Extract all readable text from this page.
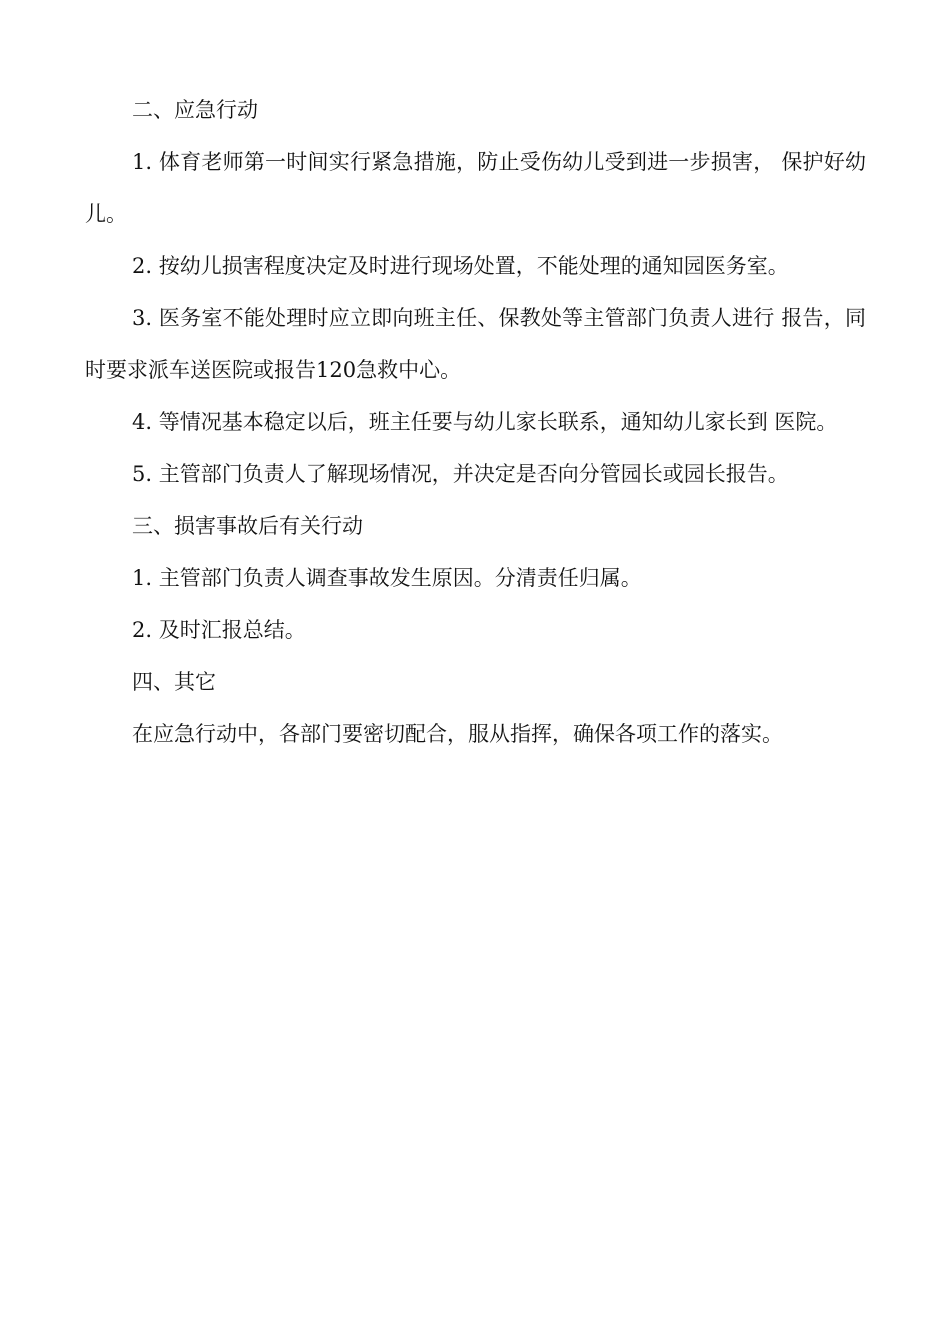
二、应急行动

1. 体育老师第一时间实行紧急措施，防止受伤幼儿受到进一步损害， 保护好幼儿。

2. 按幼儿损害程度决定及时进行现场处置，不能处理的通知园医务室。

3. 医务室不能处理时应立即向班主任、保教处等主管部门负责人进行 报告，同时要求派车送医院或报告120急救中心。

4. 等情况基本稳定以后，班主任要与幼儿家长联系，通知幼儿家长到 医院。

5. 主管部门负责人了解现场情况，并决定是否向分管园长或园长报告。

三、损害事故后有关行动

1. 主管部门负责人调查事故发生原因。分清责任归属。

2. 及时汇报总结。

四、其它

在应急行动中，各部门要密切配合，服从指挥，确保各项工作的落实。
